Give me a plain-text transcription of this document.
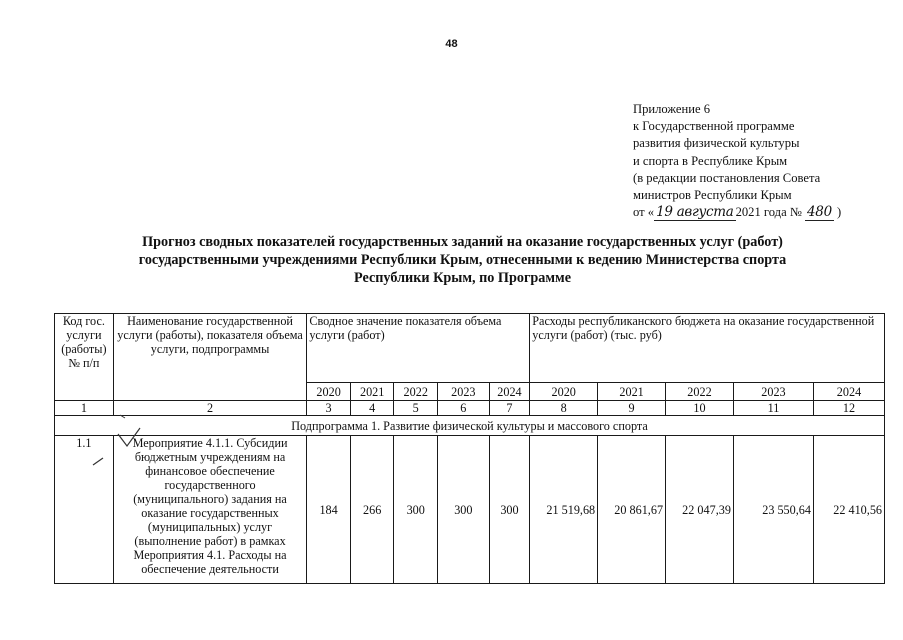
48
Приложение 6
к Государственной программе
развития физической культуры
и спорта в Республике Крым
(в редакции постановления Совета
министров Республики Крым
от « 19 августа 2021 года № 480 )
Прогноз сводных показателей государственных заданий на оказание государственных услуг (работ)
государственными учреждениями Республики Крым, отнесенными к ведению Министерства спорта
Республики Крым, по Программе
Код гос. услуги (работы) № п/п	Наименование государственной услуги (работы), показателя объема услуги, подпрограммы	Сводное значение показателя объема услуги (работ)					Расходы республиканского бюджета на оказание государственной услуги (работ) (тыс. руб)				
		2020	2021	2022	2023	2024	2020	2021	2022	2023	2024
1	2	3	4	5	6	7	8	9	10	11	12
Подпрограмма 1. Развитие физической культуры и массового спорта											
1.1	Мероприятие 4.1.1. Субсидии бюджетным учреждениям на финансовое обеспечение государственного (муниципального) задания на оказание государственных (муниципальных) услуг (выполнение работ) в рамках Мероприятия 4.1. Расходы на обеспечение деятельности	184	266	300	300	300	21 519,68	20 861,67	22 047,39	23 550,64	22 410,56
